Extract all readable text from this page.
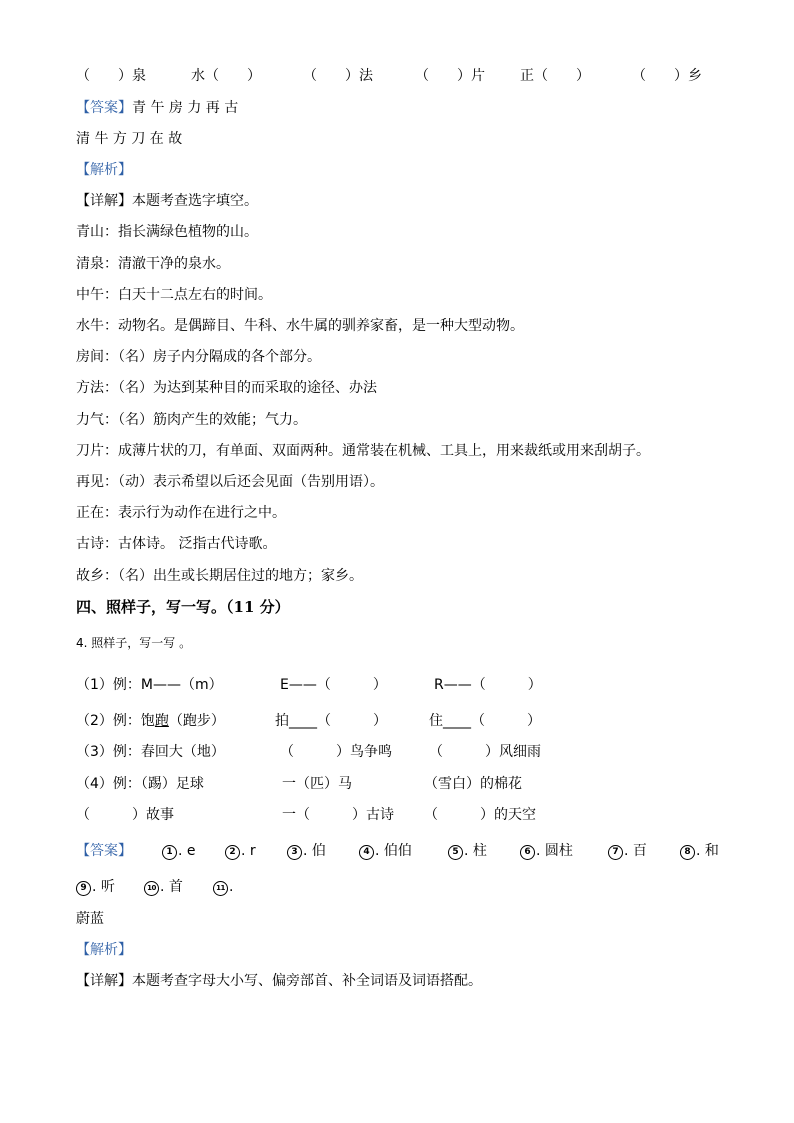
（　　）泉	水（　　）	（　　）法	（　　）片	正（　　）	（　　）乡
【答案】青 午 房 力 再 古
清 牛 方 刀 在 故
【解析】
【详解】本题考查选字填空。
青山：指长满绿色植物的山。
清泉：清澈干净的泉水。
中午：白天十二点左右的时间。
水牛：动物名。是偶蹄目、牛科、水牛属的驯养家畜，是一种大型动物。
房间：（名）房子内分隔成的各个部分。
方法：（名）为达到某种目的而采取的途径、办法
力气：（名）筋肉产生的效能；气力。
刀片：成薄片状的刀，有单面、双面两种。通常装在机械、工具上，用来裁纸或用来刮胡子。
再见：（动）表示希望以后还会见面（告别用语）。
正在：表示行为动作在进行之中。
古诗：古体诗。 泛指古代诗歌。
故乡：（名）出生或长期居住过的地方；家乡。
四、照样子，写一写。（11 分）
4. 照样子，写一写 。
（1）例：M——（m）	E——（　　　）	R——（　　　）
（2）例：饱跑（跑步）	拍____（　　　）	住____（　　　）
（3）例：春回大（地）	（　　　）鸟争鸣	（　　　）风细雨
（4）例：（踢）足球	一（匹）马	（雪白）的棉花
（　　　）故事	一（　　　）古诗 （　　　）的天空
【答案】	1 . e	2 . r	3 . 伯	4 . 伯伯	5 . 柱	6 . 圆柱	7 . 百	8 . 和
9 . 听	10 . 首	11 .
蔚蓝
【解析】
【详解】本题考查字母大小写、偏旁部首、补全词语及词语搭配。
